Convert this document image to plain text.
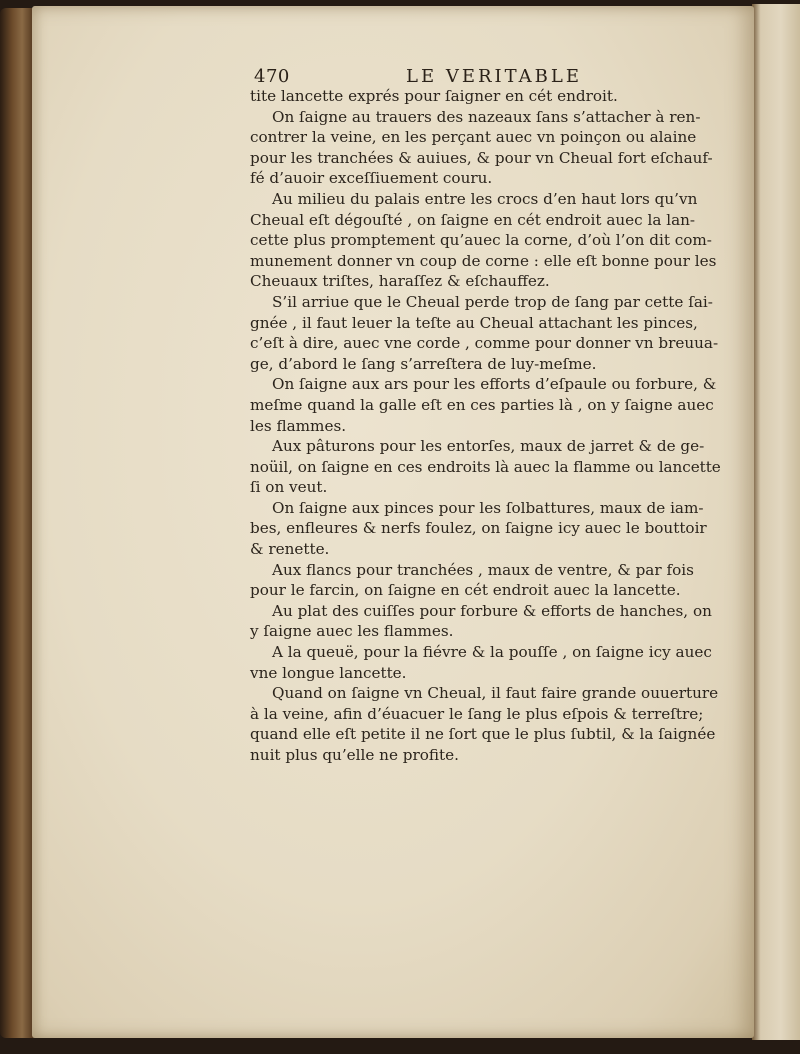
470	LE VERITABLE
tite lancette exprés pour ſaigner en cét endroit.
On ſaigne au trauers des nazeaux ſans s’attacher à ren-
contrer la veine, en les perçant auec vn poinçon ou alaine
pour les tranchées & auiues, & pour vn Cheual fort eſchauf-
fé d’auoir exceſſiuement couru.
Au milieu du palais entre les crocs d’en haut lors qu’vn
Cheual eſt dégouſté , on ſaigne en cét endroit auec la lan-
cette plus promptement qu’auec la corne, d’où l’on dit com-
munement donner vn coup de corne : elle eſt bonne pour les
Cheuaux triſtes, haraſſez & eſchauffez.
S’il arriue que le Cheual perde trop de ſang par cette ſai-
gnée , il faut leuer la teſte au Cheual attachant les pinces,
c’eſt à dire, auec vne corde , comme pour donner vn breuua-
ge, d’abord le ſang s’arreſtera de luy-meſme.
On ſaigne aux ars pour les efforts d’eſpaule ou forbure, &
meſme quand la galle eſt en ces parties là , on y ſaigne auec
les flammes.
Aux pâturons pour les entorſes, maux de jarret & de ge-
noüil, on ſaigne en ces endroits là auec la flamme ou lancette
ſi on veut.
On ſaigne aux pinces pour les ſolbattures, maux de iam-
bes, enfleures & nerfs foulez, on ſaigne icy auec le bouttoir
& renette.
Aux flancs pour tranchées , maux de ventre, & par fois
pour le farcin, on ſaigne en cét endroit auec la lancette.
Au plat des cuiſſes pour forbure & efforts de hanches, on
y ſaigne auec les flammes.
A la queuë, pour la fiévre & la pouſſe , on ſaigne icy auec
vne longue lancette.
Quand on ſaigne vn Cheual, il faut faire grande ouuerture
à la veine, afin d’éuacuer le ſang le plus eſpois & terreſtre;
quand elle eſt petite il ne ſort que le plus ſubtil, & la ſaignée
nuit plus qu’elle ne profite.
